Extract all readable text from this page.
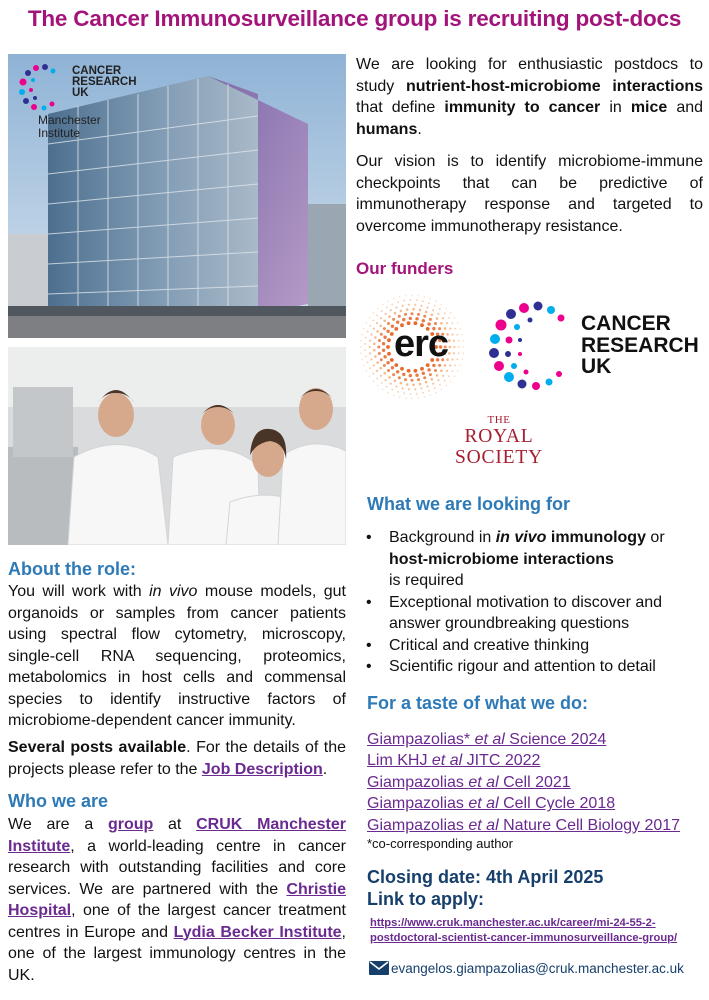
The Cancer Immunosurveillance group is recruiting post-docs
CANCER
RESEARCH
UK
Manchester
Institute
We are looking for enthusiastic postdocs to study nutrient-host-microbiome interactions that define immunity to cancer in mice and humans.
Our vision is to identify microbiome-immune checkpoints that can be predictive of immunotherapy response and targeted to overcome immunotherapy resistance.
Our funders
erc	CANCER
RESEARCH
UK
THE
ROYAL
SOCIETY
What we are looking for
• Background in in vivo immunology or
host-microbiome interactions
is required
• Exceptional motivation to discover and answer groundbreaking questions
• Critical and creative thinking
• Scientific rigour and attention to detail
For a taste of what we do:
Giampazolias* et al Science 2024
Lim KHJ et al JITC 2022
Giampazolias et al Cell 2021
Giampazolias et al Cell Cycle 2018
Giampazolias et al Nature Cell Biology 2017
*co-corresponding author
Closing date: 4th April 2025
Link to apply:
https://www.cruk.manchester.ac.uk/career/mi-24-55-2-postdoctoral-scientist-cancer-immunosurveillance-group/
evangelos.giampazolias@cruk.manchester.ac.uk
About the role:
You will work with in vivo mouse models, gut organoids or samples from cancer patients using spectral flow cytometry, microscopy, single-cell RNA sequencing, proteomics, metabolomics in host cells and commensal species to identify instructive factors of microbiome-dependent cancer immunity.
Several posts available. For the details of the projects please refer to the Job Description.
Who we are
We are a group at CRUK Manchester Institute, a world-leading centre in cancer research with outstanding facilities and core services. We are partnered with the Christie Hospital, one of the largest cancer treatment centres in Europe and Lydia Becker Institute, one of the largest immunology centres in the UK.
